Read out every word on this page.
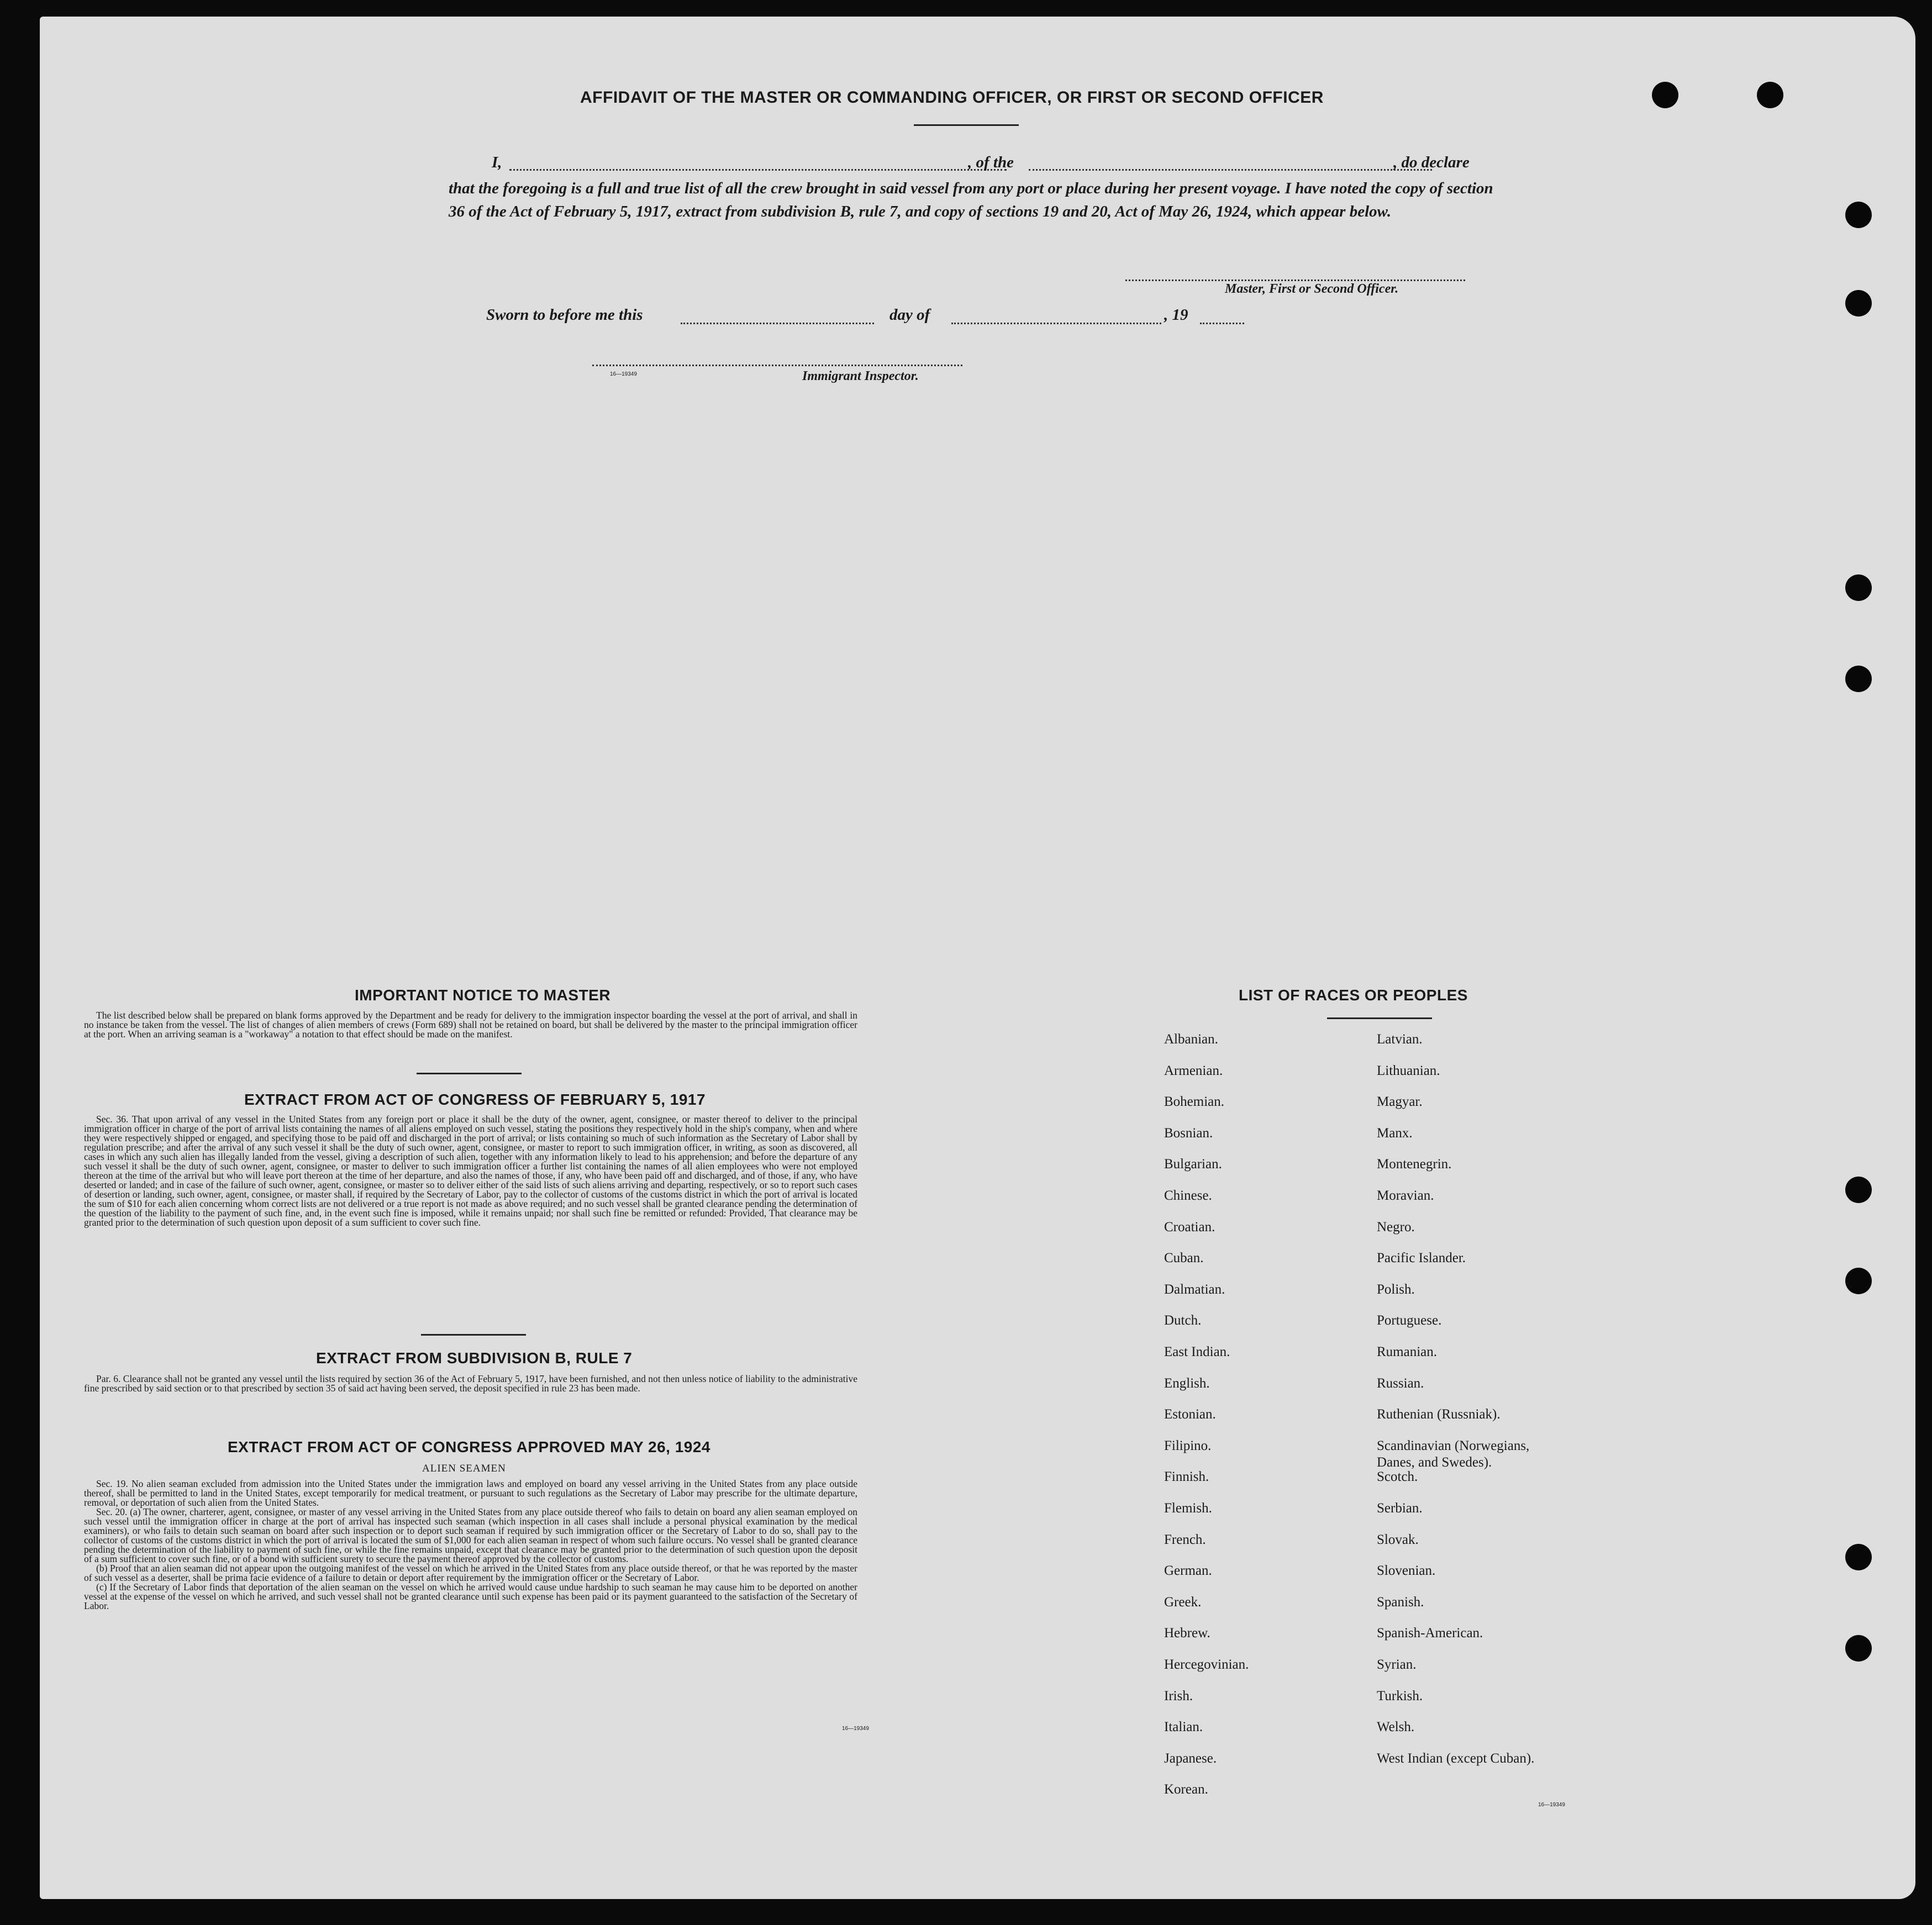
AFFIDAVIT OF THE MASTER OR COMMANDING OFFICER, OR FIRST OR SECOND OFFICER
I,	, of the	, do declare
that the foregoing is a full and true list of all the crew brought in said vessel from any port or place during her present voyage. I have noted the copy of section 36 of the Act of February 5, 1917, extract from subdivision B, rule 7, and copy of sections 19 and 20, Act of May 26, 1924, which appear below.
Master, First or Second Officer.
Sworn to before me this	day of	, 19
16—19349	Immigrant Inspector.
IMPORTANT NOTICE TO MASTER

The list described below shall be prepared on blank forms approved by the Department and be ready for delivery to the immigration inspector boarding the vessel at the port of arrival, and shall in no instance be taken from the vessel. The list of changes of alien members of crews (Form 689) shall not be retained on board, but shall be delivered by the master to the principal immigration officer at the port. When an arriving seaman is a "workaway" a notation to that effect should be made on the manifest.

EXTRACT FROM ACT OF CONGRESS OF FEBRUARY 5, 1917

Sec. 36. That upon arrival of any vessel in the United States from any foreign port or place it shall be the duty of the owner, agent, consignee, or master thereof to deliver to the principal immigration officer in charge of the port of arrival lists containing the names of all aliens employed on such vessel, stating the positions they respectively hold in the ship's company, when and where they were respectively shipped or engaged, and specifying those to be paid off and discharged in the port of arrival; or lists containing so much of such information as the Secretary of Labor shall by regulation prescribe; and after the arrival of any such vessel it shall be the duty of such owner, agent, consignee, or master to report to such immigration officer, in writing, as soon as discovered, all cases in which any such alien has illegally landed from the vessel, giving a description of such alien, together with any information likely to lead to his apprehension; and before the departure of any such vessel it shall be the duty of such owner, agent, consignee, or master to deliver to such immigration officer a further list containing the names of all alien employees who were not employed thereon at the time of the arrival but who will leave port thereon at the time of her departure, and also the names of those, if any, who have been paid off and discharged, and of those, if any, who have deserted or landed; and in case of the failure of such owner, agent, consignee, or master so to deliver either of the said lists of such aliens arriving and departing, respectively, or so to report such cases of desertion or landing, such owner, agent, consignee, or master shall, if required by the Secretary of Labor, pay to the collector of customs of the customs district in which the port of arrival is located the sum of $10 for each alien concerning whom correct lists are not delivered or a true report is not made as above required; and no such vessel shall be granted clearance pending the determination of the question of the liability to the payment of such fine, and, in the event such fine is imposed, while it remains unpaid; nor shall such fine be remitted or refunded: Provided, That clearance may be granted prior to the determination of such question upon deposit of a sum sufficient to cover such fine.

EXTRACT FROM SUBDIVISION B, RULE 7

Par. 6. Clearance shall not be granted any vessel until the lists required by section 36 of the Act of February 5, 1917, have been furnished, and not then unless notice of liability to the administrative fine prescribed by said section or to that prescribed by section 35 of said act having been served, the deposit specified in rule 23 has been made.

EXTRACT FROM ACT OF CONGRESS APPROVED MAY 26, 1924
ALIEN SEAMEN

Sec. 19. No alien seaman excluded from admission into the United States under the immigration laws and employed on board any vessel arriving in the United States from any place outside thereof, shall be permitted to land in the United States, except temporarily for medical treatment, or pursuant to such regulations as the Secretary of Labor may prescribe for the ultimate departure, removal, or deportation of such alien from the United States.

Sec. 20. (a) The owner, charterer, agent, consignee, or master of any vessel arriving in the United States from any place outside thereof who fails to detain on board any alien seaman employed on such vessel until the immigration officer in charge at the port of arrival has inspected such seaman (which inspection in all cases shall include a personal physical examination by the medical examiners), or who fails to detain such seaman on board after such inspection or to deport such seaman if required by such immigration officer or the Secretary of Labor to do so, shall pay to the collector of customs of the customs district in which the port of arrival is located the sum of $1,000 for each alien seaman in respect of whom such failure occurs. No vessel shall be granted clearance pending the determination of the liability to payment of such fine, or while the fine remains unpaid, except that clearance may be granted prior to the determination of such question upon the deposit of a sum sufficient to cover such fine, or of a bond with sufficient surety to secure the payment thereof approved by the collector of customs.

(b) Proof that an alien seaman did not appear upon the outgoing manifest of the vessel on which he arrived in the United States from any place outside thereof, or that he was reported by the master of such vessel as a deserter, shall be prima facie evidence of a failure to detain or deport after requirement by the immigration officer or the Secretary of Labor.

(c) If the Secretary of Labor finds that deportation of the alien seaman on the vessel on which he arrived would cause undue hardship to such seaman he may cause him to be deported on another vessel at the expense of the vessel on which he arrived, and such vessel shall not be granted clearance until such expense has been paid or its payment guaranteed to the satisfaction of the Secretary of Labor.

16—19349
LIST OF RACES OR PEOPLES
16—19349
Albanian.
Armenian.
Bohemian.
Bosnian.
Bulgarian.
Chinese.
Croatian.
Cuban.
Dalmatian.
Dutch.
East Indian.
English.
Estonian.
Filipino.
Finnish.
Flemish.
French.
German.
Greek.
Hebrew.
Hercegovinian.
Irish.
Italian.
Japanese.
Korean.
Latvian.
Lithuanian.
Magyar.
Manx.
Montenegrin.
Moravian.
Negro.
Pacific Islander.
Polish.
Portuguese.
Rumanian.
Russian.
Ruthenian (Russniak).
Scandinavian (Norwegians,
Danes, and Swedes).
Scotch.
Serbian.
Slovak.
Slovenian.
Spanish.
Spanish-American.
Syrian.
Turkish.
Welsh.
West Indian (except Cuban).
